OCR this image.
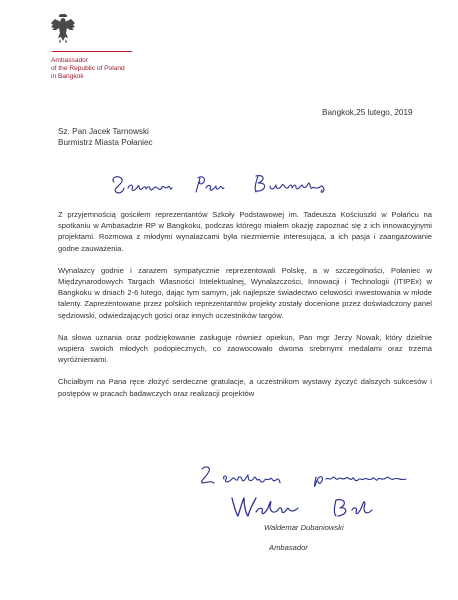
Ambassador
of the Republic of Poland
in Bangkok
Bangkok,25 lutego, 2019
Sz. Pan Jacek Tarnowski
Burmistrz Miasta Połaniec

Z przyjemnością gościłem reprezentantów Szkoły Podstawowej im. Tadeusza Kościuszki w Połańcu na spotkaniu w Ambasadzie RP w Bangkoku, podczas którego miałem okazję zapoznać się z ich innowacyjnymi projektami. Rozmowa z młodymi wynalazcami była niezmiernie interesująca, a ich pasja i zaangażowanie godne zauważenia.

Wynalazcy godnie i zarazem sympatycznie reprezentowali Polskę, a w szczególności, Połaniec w Międzynarodowych Targach Własności Intelektualnej, Wynalazczości, Innowacji i Technologii (ITIPEx) w Bangkoku w dniach 2-6 lutego, dając tym samym, jak najlepsze świadectwo celowości inwestowania w młode talenty. Zaprezentowane przez polskich reprezentantów projekty zostały docenione przez doświadczony panel sędziowski, odwiedzających gości oraz innych uczestników targów.

Na słowa uznania oraz podziękowanie zasługuje również opiekun, Pan mgr Jerzy Nowak, który dzielnie wspiera swoich młodych podopiecznych, co zaowocowało dwoma srebrnymi medalami oraz trzema wyróżnieniami.

Chciałbym na Pana ręce złożyć serdeczne gratulacje, a uczestnikom wystawy życzyć dalszych sukcesów i postępów w pracach badawczych oraz realizacji projektów

Waldemar Dubaniowski
Ambasador
